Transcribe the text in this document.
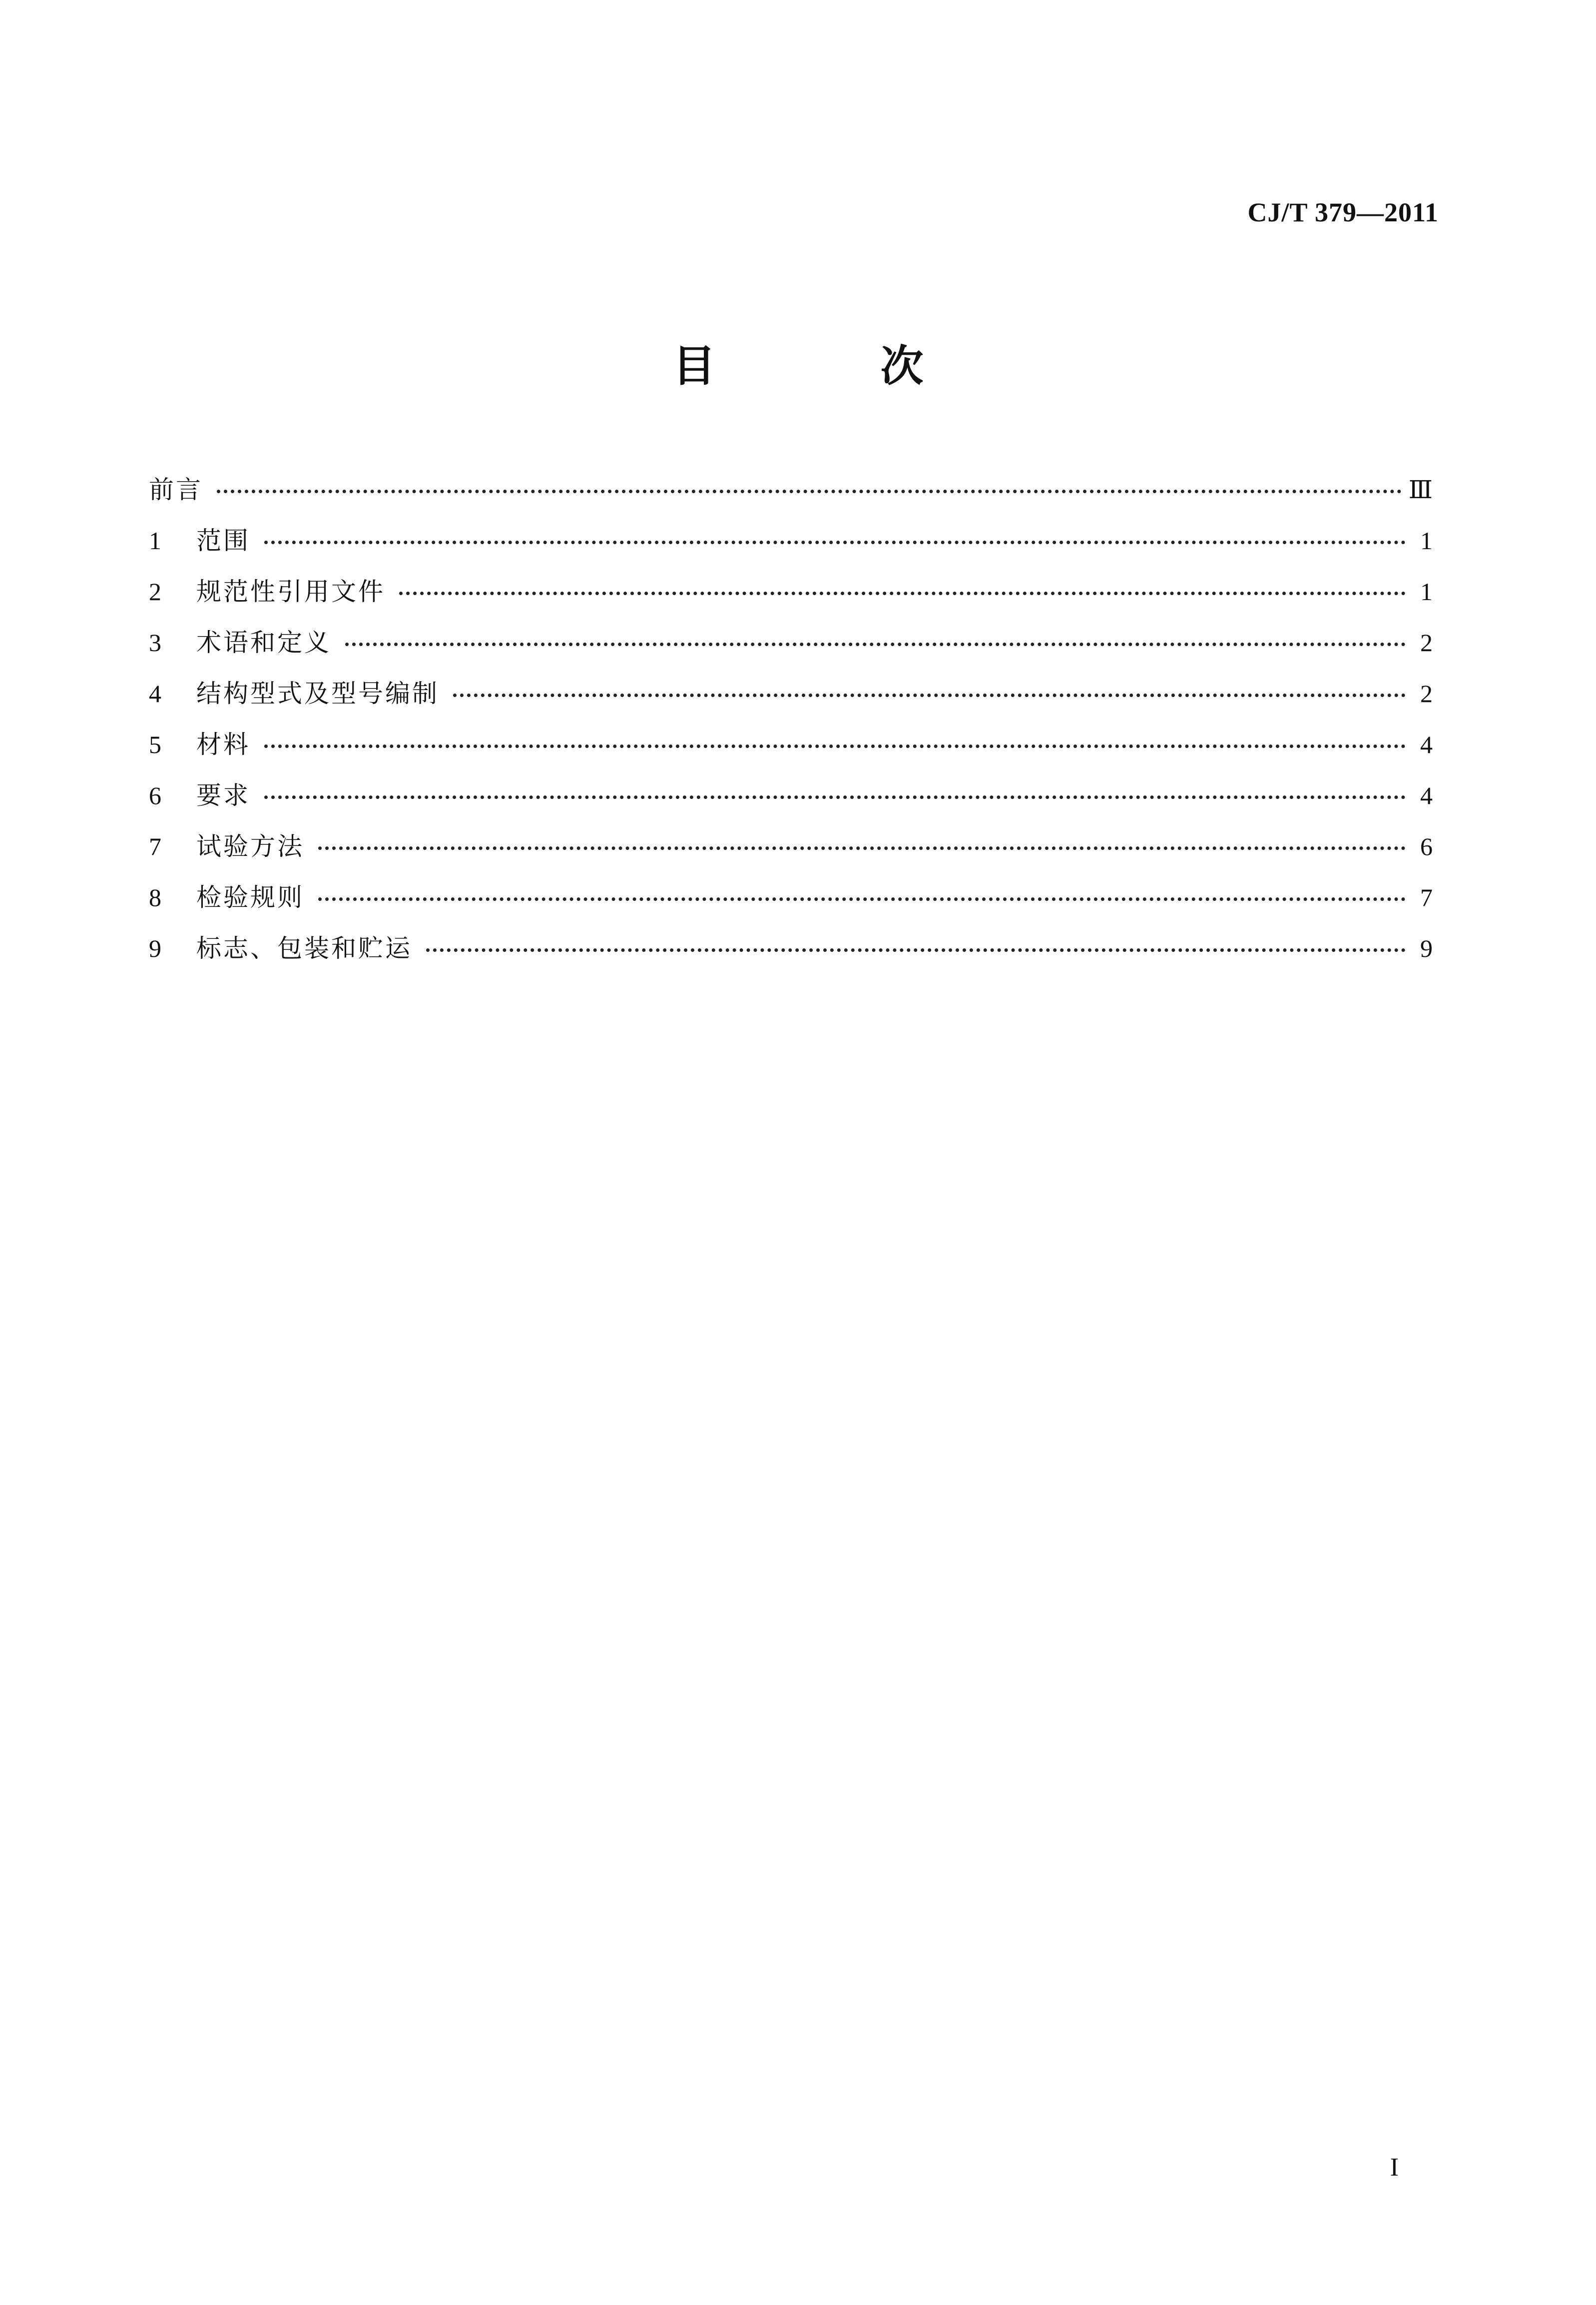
CJ/T 379—2011
目 次
前言	Ⅲ
1	范围	1
2	规范性引用文件	1
3	术语和定义	2
4	结构型式及型号编制	2
5	材料	4
6	要求	4
7	试验方法	6
8	检验规则	7
9	标志、包装和贮运	9
I
